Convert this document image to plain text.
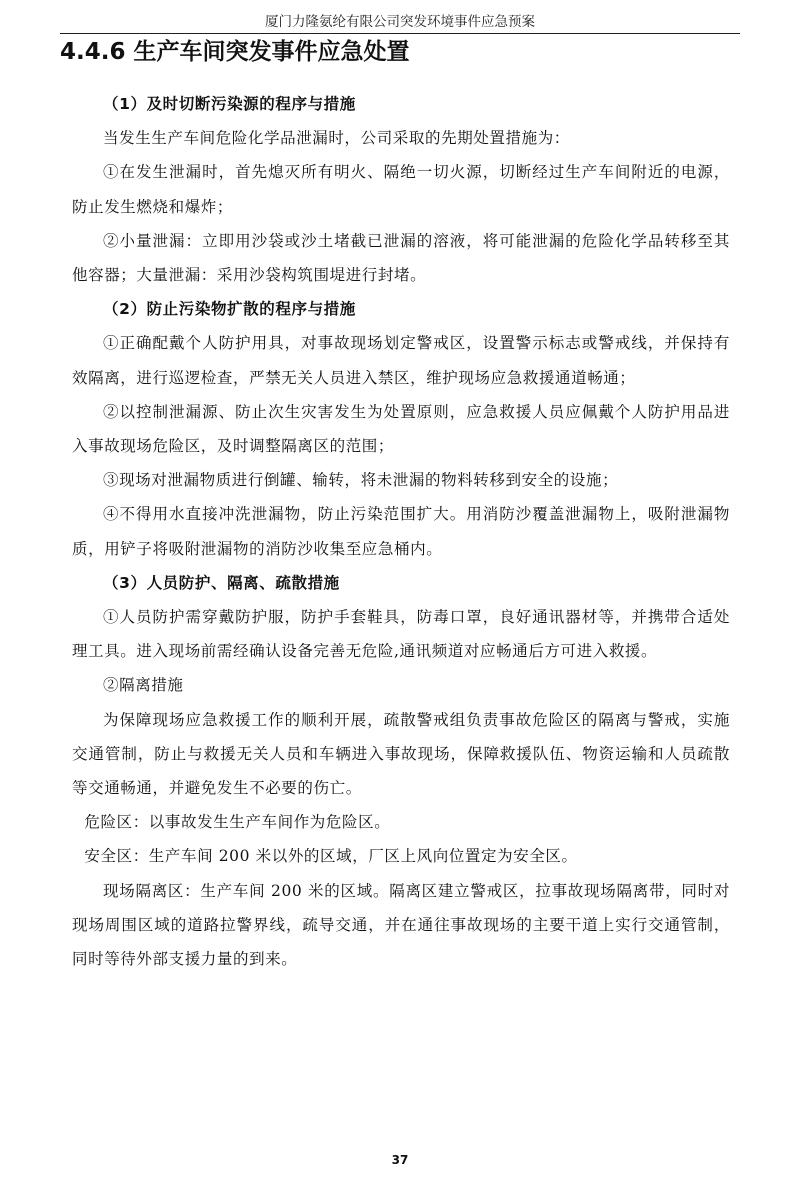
厦门力隆氨纶有限公司突发环境事件应急预案
4.4.6 生产车间突发事件应急处置

（1）及时切断污染源的程序与措施

当发生生产车间危险化学品泄漏时，公司采取的先期处置措施为：

①在发生泄漏时，首先熄灭所有明火、隔绝一切火源，切断经过生产车间附近的电源，防止发生燃烧和爆炸；

②小量泄漏：立即用沙袋或沙土堵截已泄漏的溶液，将可能泄漏的危险化学品转移至其他容器；大量泄漏：采用沙袋构筑围堤进行封堵。

（2）防止污染物扩散的程序与措施

①正确配戴个人防护用具，对事故现场划定警戒区，设置警示标志或警戒线，并保持有效隔离，进行巡逻检查，严禁无关人员进入禁区，维护现场应急救援通道畅通；

②以控制泄漏源、防止次生灾害发生为处置原则，应急救援人员应佩戴个人防护用品进入事故现场危险区，及时调整隔离区的范围；

③现场对泄漏物质进行倒罐、输转，将未泄漏的物料转移到安全的设施；

④不得用水直接冲洗泄漏物，防止污染范围扩大。用消防沙覆盖泄漏物上，吸附泄漏物质，用铲子将吸附泄漏物的消防沙收集至应急桶内。

（3）人员防护、隔离、疏散措施

①人员防护需穿戴防护服，防护手套鞋具，防毒口罩，良好通讯器材等，并携带合适处理工具。进入现场前需经确认设备完善无危险,通讯频道对应畅通后方可进入救援。

②隔离措施

为保障现场应急救援工作的顺利开展，疏散警戒组负责事故危险区的隔离与警戒，实施交通管制，防止与救援无关人员和车辆进入事故现场，保障救援队伍、物资运输和人员疏散等交通畅通，并避免发生不必要的伤亡。

危险区：以事故发生生产车间作为危险区。

安全区：生产车间 200 米以外的区域，厂区上风向位置定为安全区。

现场隔离区：生产车间 200 米的区域。隔离区建立警戒区，拉事故现场隔离带，同时对现场周围区域的道路拉警界线，疏导交通，并在通往事故现场的主要干道上实行交通管制，同时等待外部支援力量的到来。

37
